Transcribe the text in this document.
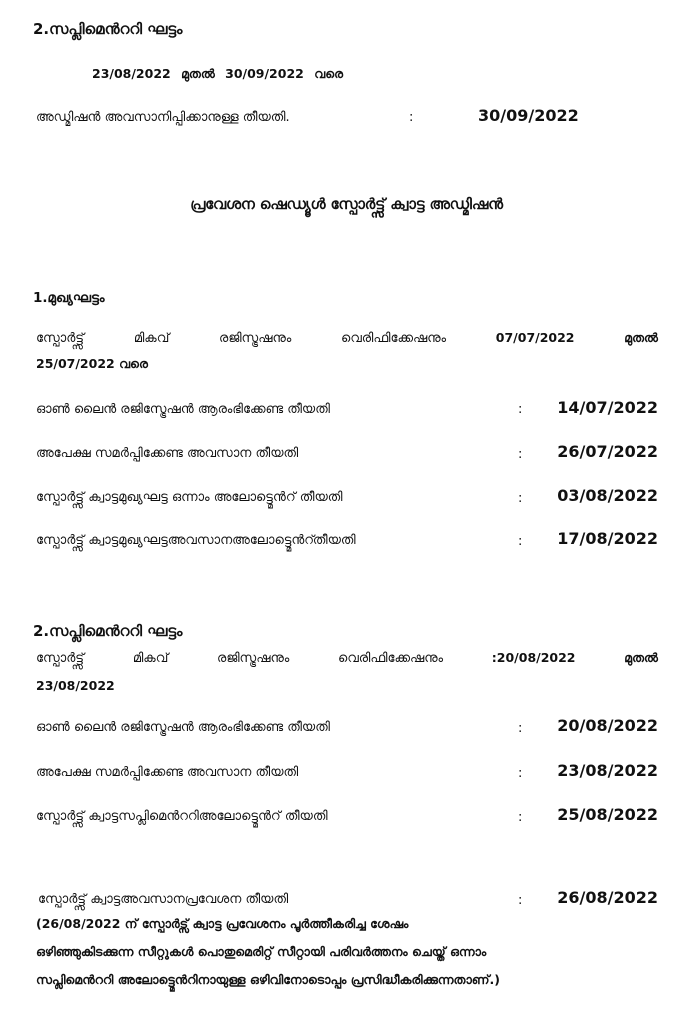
2.സപ്ലിമെൻററി ഘട്ടം
23/08/2022 മുതൽ 30/09/2022 വരെ
അഡ്മിഷൻ അവസാനിപ്പിക്കാനുള്ള തീയതി.	:	30/09/2022
പ്രവേശന ഷെഡ്യൂൾ സ്പോർട്ട്സ് ക്വാട്ട അഡ്മിഷൻ
1.മുഖ്യഘട്ടം
സ്പോർട്ട്സ്	മികവ്	രജിസ്ട്രഷനും	വെരിഫിക്കേഷനും	07/07/2022	മുതൽ
25/07/2022 വരെ
ഓൺ ലൈൻ രജിസ്ട്രേഷൻ ആരംഭിക്കേണ്ട തീയതി	: 14/07/2022
അപേക്ഷ സമർപ്പിക്കേണ്ട അവസാന തീയതി	: 26/07/2022
സ്പോർട്ട്സ് ക്വാട്ടമുഖ്യഘട്ട ഒന്നാം അലോട്ട്മെൻറ് തീയതി	: 03/08/2022
സ്പോർട്ട്സ് ക്വാട്ടമുഖ്യഘട്ടഅവസാനഅലോട്ട്മെൻറ്തീയതി	: 17/08/2022
2.സപ്ലിമെൻററി ഘട്ടം
സ്പോർട്ട്സ്	മികവ്	രജിസ്ട്രഷനും	വെരിഫിക്കേഷനും	:20/08/2022	മുതൽ
23/08/2022
ഓൺ ലൈൻ രജിസ്ട്രേഷൻ ആരംഭിക്കേണ്ട തീയതി	: 20/08/2022
അപേക്ഷ സമർപ്പിക്കേണ്ട അവസാന തീയതി	: 23/08/2022
സ്പോർട്ട്സ് ക്വാട്ടസപ്ലിമെൻററിഅലോട്ട്മെൻറ് തീയതി	: 25/08/2022
സ്പോർട്ട്സ് ക്വാട്ടഅവസാനപ്രവേശന തീയതി	: 26/08/2022
(26/08/2022 ന് സ്പോർട്സ് ക്വാട്ട പ്രവേശനം പൂർത്തീകരിച്ച ശേഷം
ഒഴിഞ്ഞുകിടക്കുന്ന സീറ്റുകൾ പൊതുമെരിറ്റ് സീറ്റായി പരിവർത്തനം ചെയ്ത് ഒന്നാം
സപ്ലിമെൻററി അലോട്ട്മെൻറിനായുള്ള ഒഴിവിനോടൊപ്പം പ്രസിദ്ധീകരിക്കുന്നതാണ്.)
